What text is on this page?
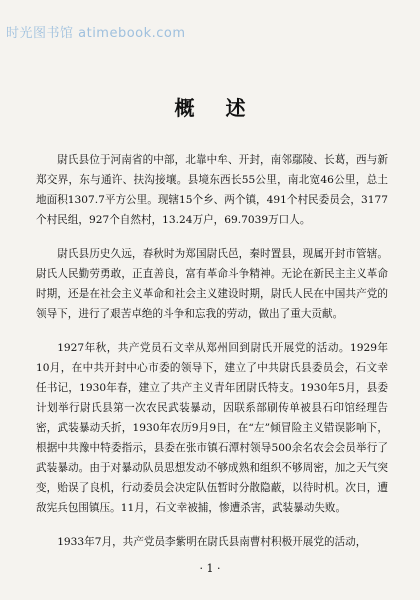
时光图书馆 atimebook.com
概 述

尉氏县位于河南省的中部，北靠中牟、开封，南邻鄢陵、长葛，西与新郑交界，东与通许、扶沟接壤。县境东西长55公里，南北宽46公里，总土地面积1307.7平方公里。现辖15个乡、两个镇，491个村民委员会，3177个村民组，927个自然村，13.24万户，69.7039万口人。

尉氏县历史久远，春秋时为郑国尉氏邑，秦时置县，现属开封市管辖。尉氏人民勤劳勇敢，正直善良，富有革命斗争精神。无论在新民主主义革命时期，还是在社会主义革命和社会主义建设时期，尉氏人民在中国共产党的领导下，进行了艰苦卓绝的斗争和忘我的劳动，做出了重大贡献。

1927年秋，共产党员石文幸从郑州回到尉氏开展党的活动。1929年10月，在中共开封中心市委的领导下，建立了中共尉氏县委员会，石文幸任书记，1930年春，建立了共产主义青年团尉氏特支。1930年5月，县委计划举行尉氏县第一次农民武装暴动，因联系部刷传单被县石印馆经理告密，武装暴动夭折，1930年农历9月9日，在“左”倾冒险主义错误影响下，根据中共豫中特委指示，县委在张市镇石潭村领导500余名农会会员举行了武装暴动。由于对暴动队员思想发动不够成熟和组织不够周密，加之天气突变，贻误了良机，行动委员会决定队伍暂时分散隐蔽，以待时机。次日，遭敌宪兵包围镇压。11月，石文幸被捕，惨遭杀害，武装暴动失败。

1933年7月，共产党员李紫明在尉氏县南曹村积极开展党的活动，

· 1 ·
